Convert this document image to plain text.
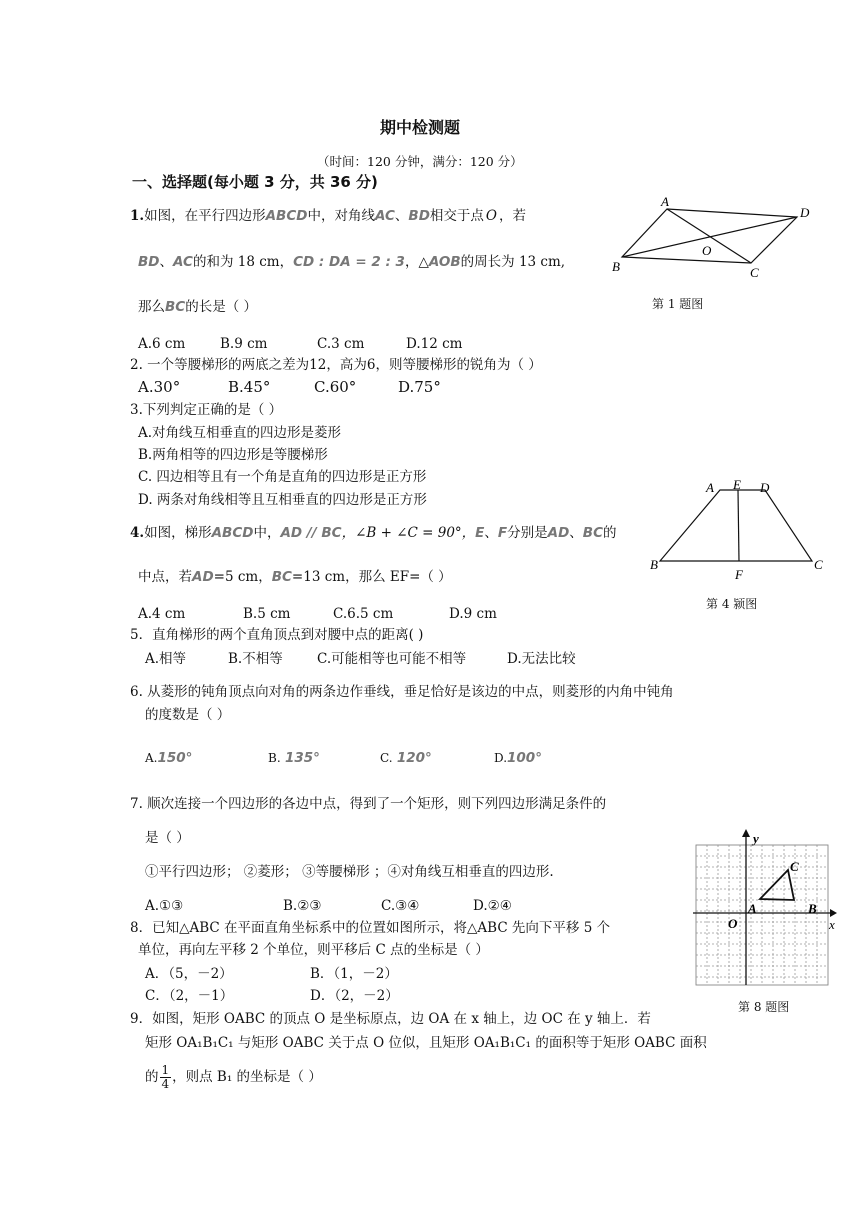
期中检测题
（时间：120 分钟，满分：120 分）
一、选择题(每小题 3 分，共 36 分)
1.如图，在平行四边形ABCD中，对角线AC、BD相交于点 O ，若
BD、AC的和为 18 cm，CD : DA = 2 : 3，△AOB的周长为 13 cm,
那么BC的长是（ ）
A.6 cm	B.9 cm	C.3 cm	D.12 cm
A
D
O
B	C
第 1 题图
2. 一个等腰梯形的两底之差为12，高为6，则等腰梯形的锐角为（ ）
A.30°	B.45°	C.60°	D.75°
3.下列判定正确的是（ ）
A.对角线互相垂直的四边形是菱形
B.两角相等的四边形是等腰梯形
C. 四边相等且有一个角是直角的四边形是正方形
D. 两条对角线相等且互相垂直的四边形是正方形
4.如图，梯形ABCD中，AD // BC，∠B + ∠C = 90°，E、F分别是AD、BC的
中点，若AD=5 cm，BC=13 cm，那么 EF=（ ）
A.4 cm	B.5 cm	C.6.5 cm	D.9 cm
A E D
B
F
C
第 4 颍图
5．直角梯形的两个直角顶点到对腰中点的距离( )
A.相等	B.不相等	C.可能相等也可能不相等	D.无法比较
6. 从菱形的钝角顶点向对角的两条边作垂线，垂足恰好是该边的中点，则菱形的内角中钝角
的度数是（ ）
A.150°	B. 135°	C. 120°	D.100°
7. 顺次连接一个四边形的各边中点，得到了一个矩形，则下列四边形满足条件的
是（ ）
①平行四边形； ②菱形； ③等腰梯形 ；④对角线互相垂直的四边形.
A.①③	B.②③	C.③④	D.②④
8．已知△ABC 在平面直角坐标系中的位置如图所示，将△ABC 先向下平移 5 个
单位，再向左平移 2 个单位，则平移后 C 点的坐标是（ ）
A．（5，－2）	B．（1，－2）
C．（2，－1）	D．（2，－2）
y
C
A	B
O	x
第 8 题图
9．如图，矩形 OABC 的顶点 O 是坐标原点，边 OA 在 x 轴上，边 OC 在 y 轴上．若
矩形 OA₁B₁C₁ 与矩形 OABC 关于点 O 位似，且矩形 OA₁B₁C₁ 的面积等于矩形 OABC 面积
的 $\frac{1}{4}$ ，则点 B₁ 的坐标是（ ）
